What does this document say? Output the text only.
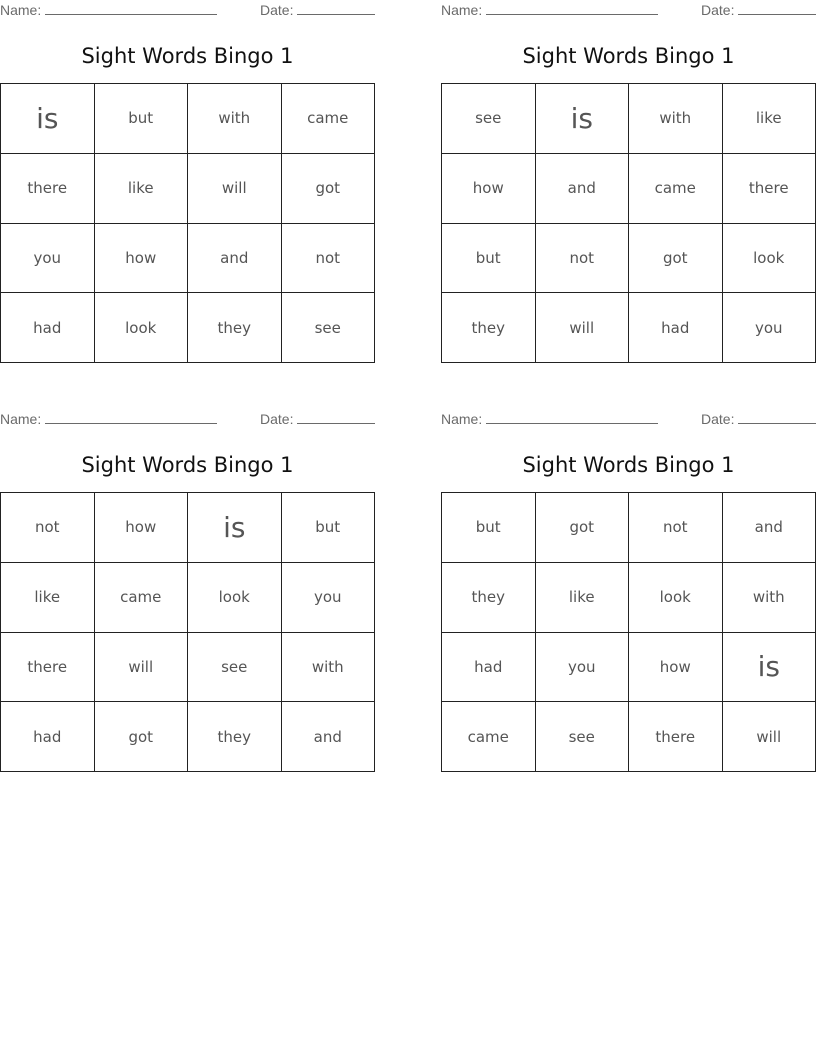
Name:	Date:
Sight Words Bingo 1
is	but	with	came
there	like	will	got
you	how	and	not
had	look	they	see
Name:	Date:
Sight Words Bingo 1
see	is	with	like
how	and	came	there
but	not	got	look
they	will	had	you
Name:	Date:
Sight Words Bingo 1
not	how	is	but
like	came	look	you
there	will	see	with
had	got	they	and
Name:	Date:
Sight Words Bingo 1
but	got	not	and
they	like	look	with
had	you	how	is
came	see	there	will
